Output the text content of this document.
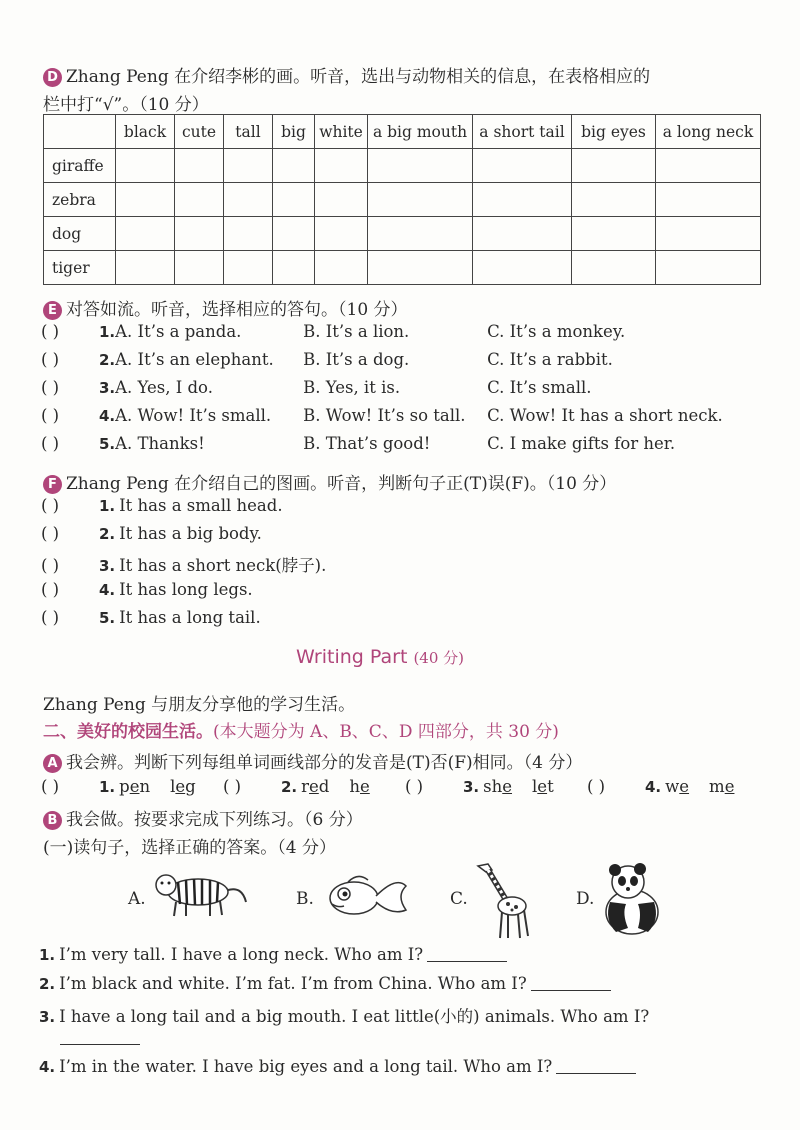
D Zhang Peng 在介绍李彬的画。听音，选出与动物相关的信息，在表格相应的
栏中打“√”。（10 分）
	black	cute	tall	big	white	a big mouth	a short tail	big eyes	a long neck
giraffe									
zebra									
dog									
tiger									
E 对答如流。听音，选择相应的答句。（10 分）
( )	1.A. It’s a panda.	B. It’s a lion.	C. It’s a monkey.
( )	2.A. It’s an elephant. B. It’s a dog.	C. It’s a rabbit.
( )	3.A. Yes, I do.	B. Yes, it is.	C. It’s small.
( )	4.A. Wow! It’s small. B. Wow! It’s so tall. C. Wow! It has a short neck.
( )	5.A. Thanks!	B. That’s good!	C. I make gifts for her.
F Zhang Peng 在介绍自己的图画。听音，判断句子正(T)误(F)。（10 分）
( )	1. It has a small head.
( )	2. It has a big body.
( )	3. It has a short neck(脖子).
( )	4. It has long legs.
( )	5. It has a long tail.
Writing Part (40 分)
Zhang Peng 与朋友分享他的学习生活。
二、美好的校园生活。(本大题分为 A、B、C、D 四部分，共 30 分)
A 我会辨。判断下列每组单词画线部分的发音是(T)否(F)相同。（4 分）
( )	1. pen leg ( )	2. red he ( )	3. she let ( )	4. we me
B 我会做。按要求完成下列练习。（6 分）
(一)读句子，选择正确的答案。（4 分）
A.	B.	C.	D.
1. I’m very tall. I have a long neck. Who am I?
2. I’m black and white. I’m fat. I’m from China. Who am I?
3. I have a long tail and a big mouth. I eat little(小的) animals. Who am I?
4. I’m in the water. I have big eyes and a long tail. Who am I?
